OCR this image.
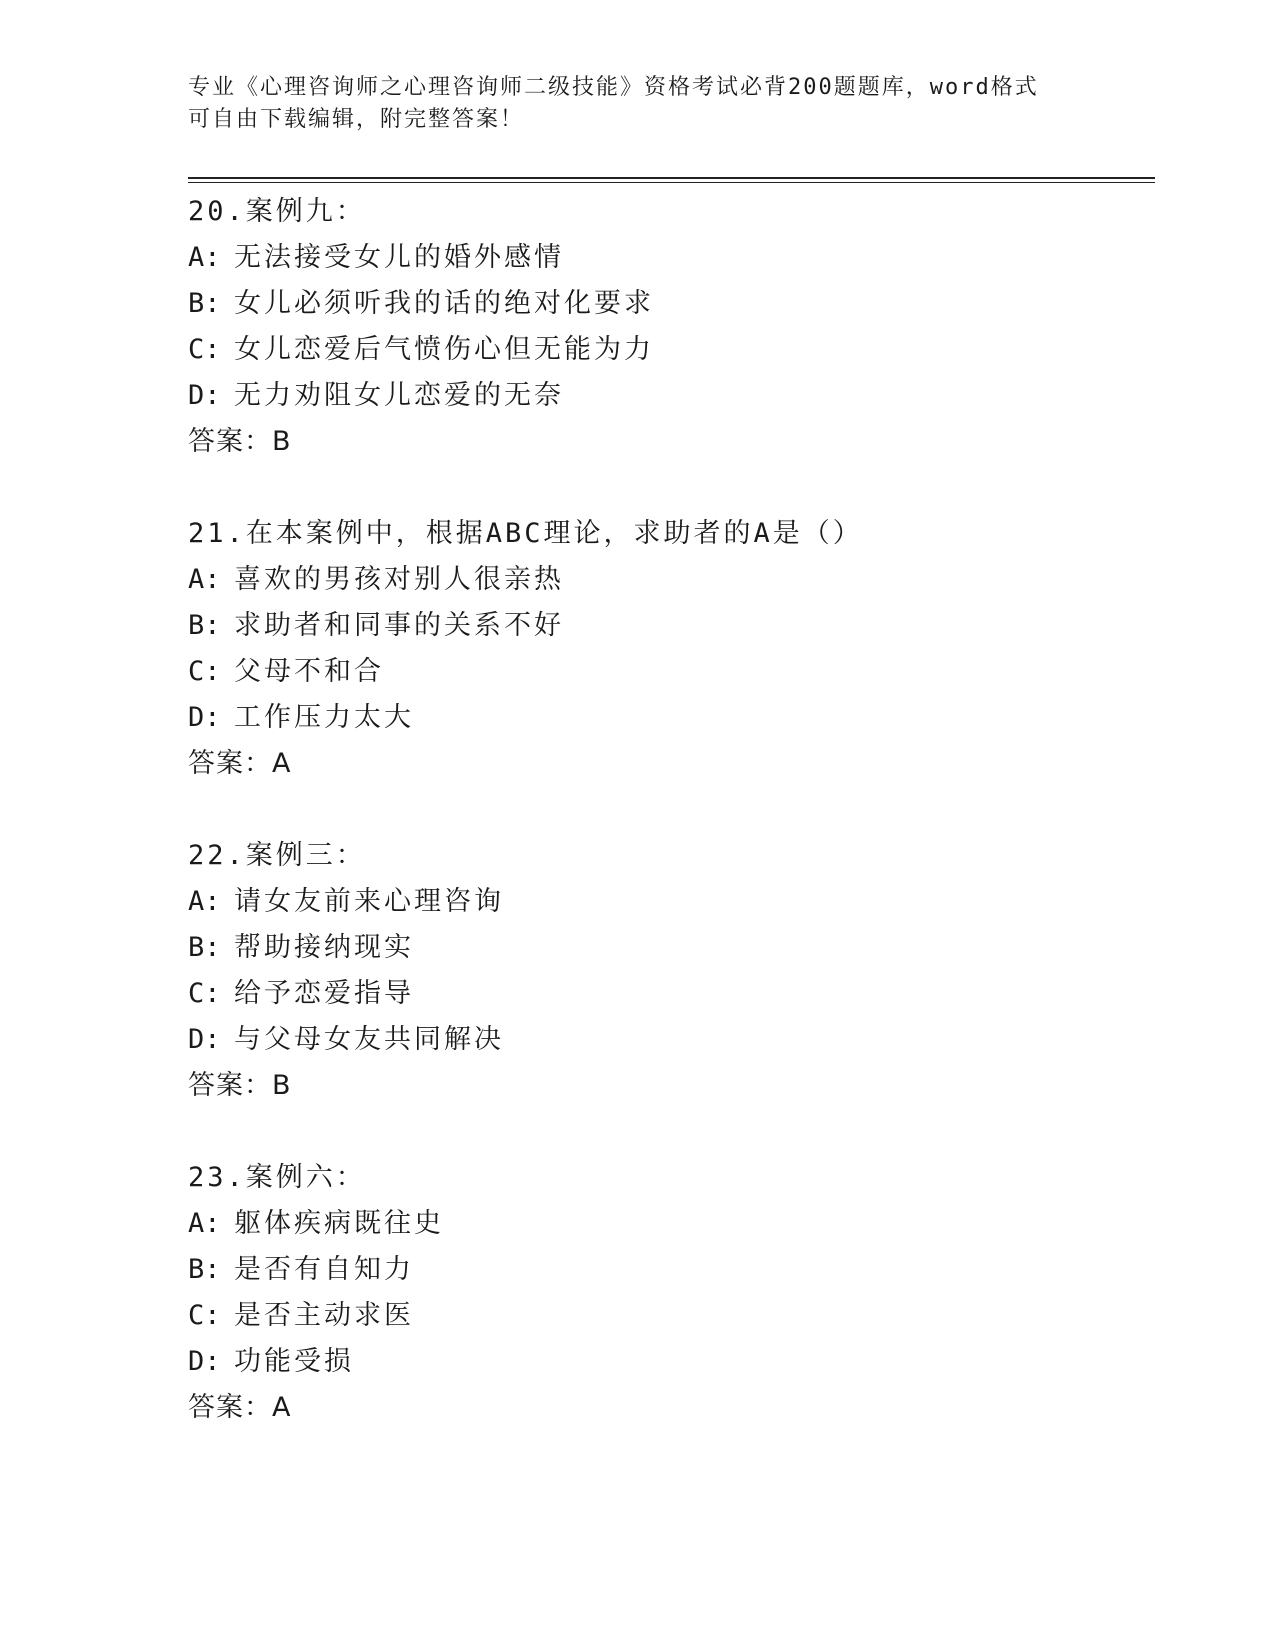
专业《心理咨询师之心理咨询师二级技能》资格考试必背200题题库，word格式
可自由下载编辑，附完整答案！
20.案例九：
A: 无法接受女儿的婚外感情
B: 女儿必须听我的话的绝对化要求
C: 女儿恋爱后气愤伤心但无能为力
D: 无力劝阻女儿恋爱的无奈
答案：B
21.在本案例中，根据ABC理论，求助者的A是（）
A: 喜欢的男孩对别人很亲热
B: 求助者和同事的关系不好
C: 父母不和合
D: 工作压力太大
答案：A
22.案例三：
A: 请女友前来心理咨询
B: 帮助接纳现实
C: 给予恋爱指导
D: 与父母女友共同解决
答案：B
23.案例六：
A: 躯体疾病既往史
B: 是否有自知力
C: 是否主动求医
D: 功能受损
答案：A
